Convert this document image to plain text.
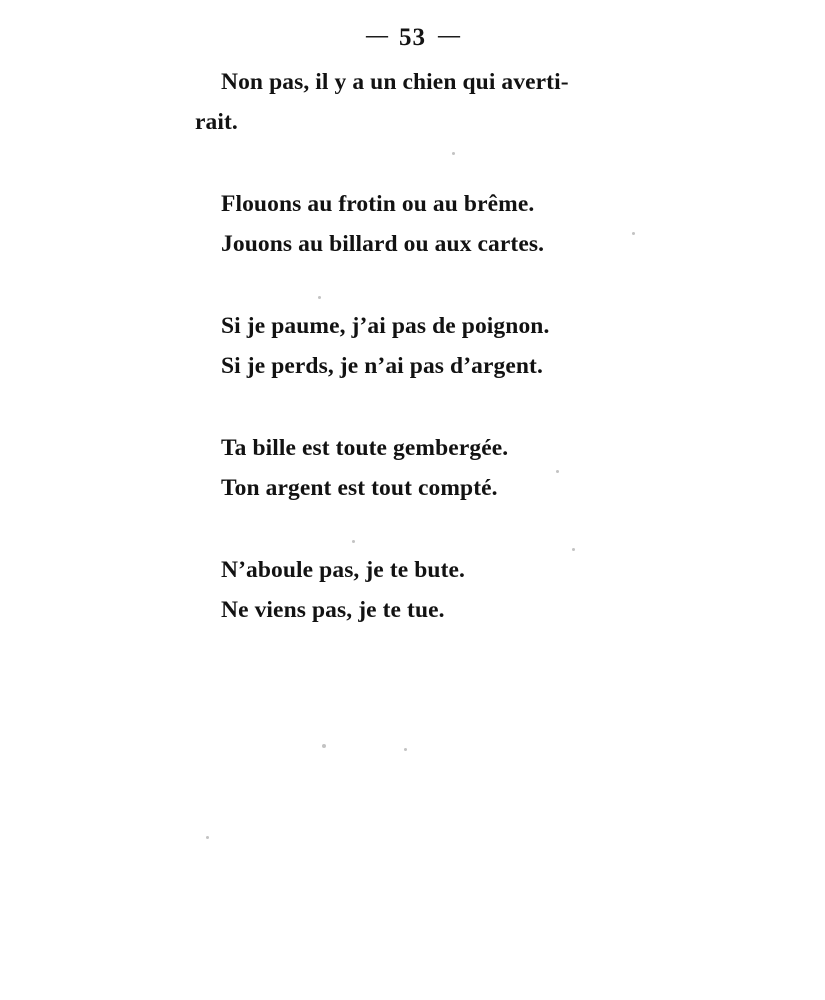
— 53 —
Non pas, il y a un chien qui averti-
rait.
Flouons au frotin ou au brême.
Jouons au billard ou aux cartes.
Si je paume, j’ai pas de poignon.
Si je perds, je n’ai pas d’argent.
Ta bille est toute gembergée.
Ton argent est tout compté.
N’aboule pas, je te bute.
Ne viens pas, je te tue.
